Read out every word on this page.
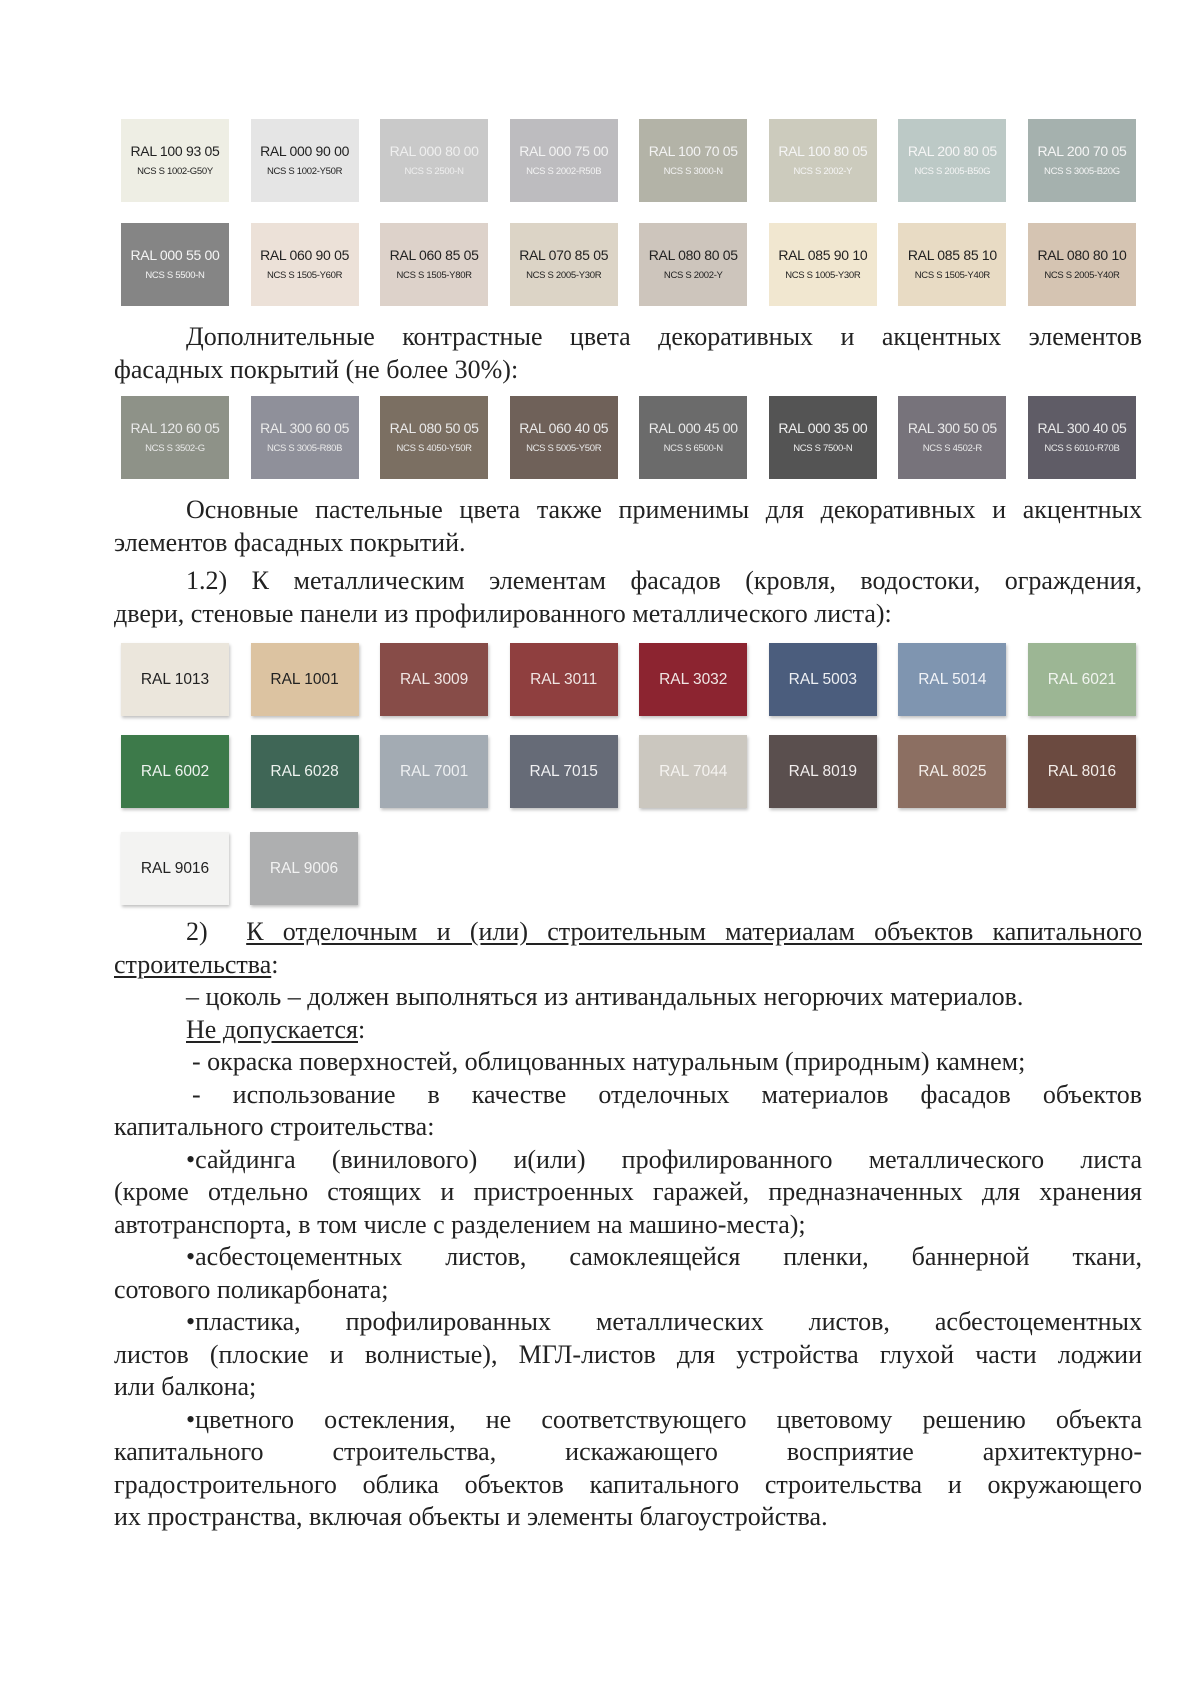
RAL 100 93 05
NCS S 1002-G50Y
RAL 000 90 00
NCS S 1002-Y50R
RAL 000 80 00
NCS S 2500-N
RAL 000 75 00
NCS S 2002-R50B
RAL 100 70 05
NCS S 3000-N
RAL 100 80 05
NCS S 2002-Y
RAL 200 80 05
NCS S 2005-B50G
RAL 200 70 05
NCS S 3005-B20G
RAL 000 55 00
NCS S 5500-N
RAL 060 90 05
NCS S 1505-Y60R
RAL 060 85 05
NCS S 1505-Y80R
RAL 070 85 05
NCS S 2005-Y30R
RAL 080 80 05
NCS S 2002-Y
RAL 085 90 10
NCS S 1005-Y30R
RAL 085 85 10
NCS S 1505-Y40R
RAL 080 80 10
NCS S 2005-Y40R
Дополнительные контрастные цвета декоративных и акцентных элементов
фасадных покрытий (не более 30%):
RAL 120 60 05
NCS S 3502-G
RAL 300 60 05
NCS S 3005-R80B
RAL 080 50 05
NCS S 4050-Y50R
RAL 060 40 05
NCS S 5005-Y50R
RAL 000 45 00
NCS S 6500-N
RAL 000 35 00
NCS S 7500-N
RAL 300 50 05
NCS S 4502-R
RAL 300 40 05
NCS S 6010-R70B
Основные пастельные цвета также применимы для декоративных и акцентных
элементов фасадных покрытий.
1.2) К металлическим элементам фасадов (кровля, водостоки, ограждения,
двери, стеновые панели из профилированного металлического листа):
RAL 1013	RAL 1001	RAL 3009	RAL 3011	RAL 3032	RAL 5003	RAL 5014	RAL 6021
RAL 6002	RAL 6028	RAL 7001	RAL 7015	RAL 7044	RAL 8019	RAL 8025	RAL 8016
RAL 9016	RAL 9006
2) К отделочным и (или) строительным материалам объектов капитального
строительства:
– цоколь – должен выполняться из антивандальных негорючих материалов.
Не допускается:
- окраска поверхностей, облицованных натуральным (природным) камнем;
- использование в качестве отделочных материалов фасадов объектов
капитального строительства:
•сайдинга (винилового) и(или) профилированного металлического листа
(кроме отдельно стоящих и пристроенных гаражей, предназначенных для хранения
автотранспорта, в том числе с разделением на машино-места);
•асбестоцементных листов, самоклеящейся пленки, баннерной ткани,
сотового поликарбоната;
•пластика, профилированных металлических листов, асбестоцементных
листов (плоские и волнистые), МГЛ-листов для устройства глухой части лоджии
или балкона;
•цветного остекления, не соответствующего цветовому решению объекта
капитального строительства, искажающего восприятие архитектурно-
градостроительного облика объектов капитального строительства и окружающего
их пространства, включая объекты и элементы благоустройства.
